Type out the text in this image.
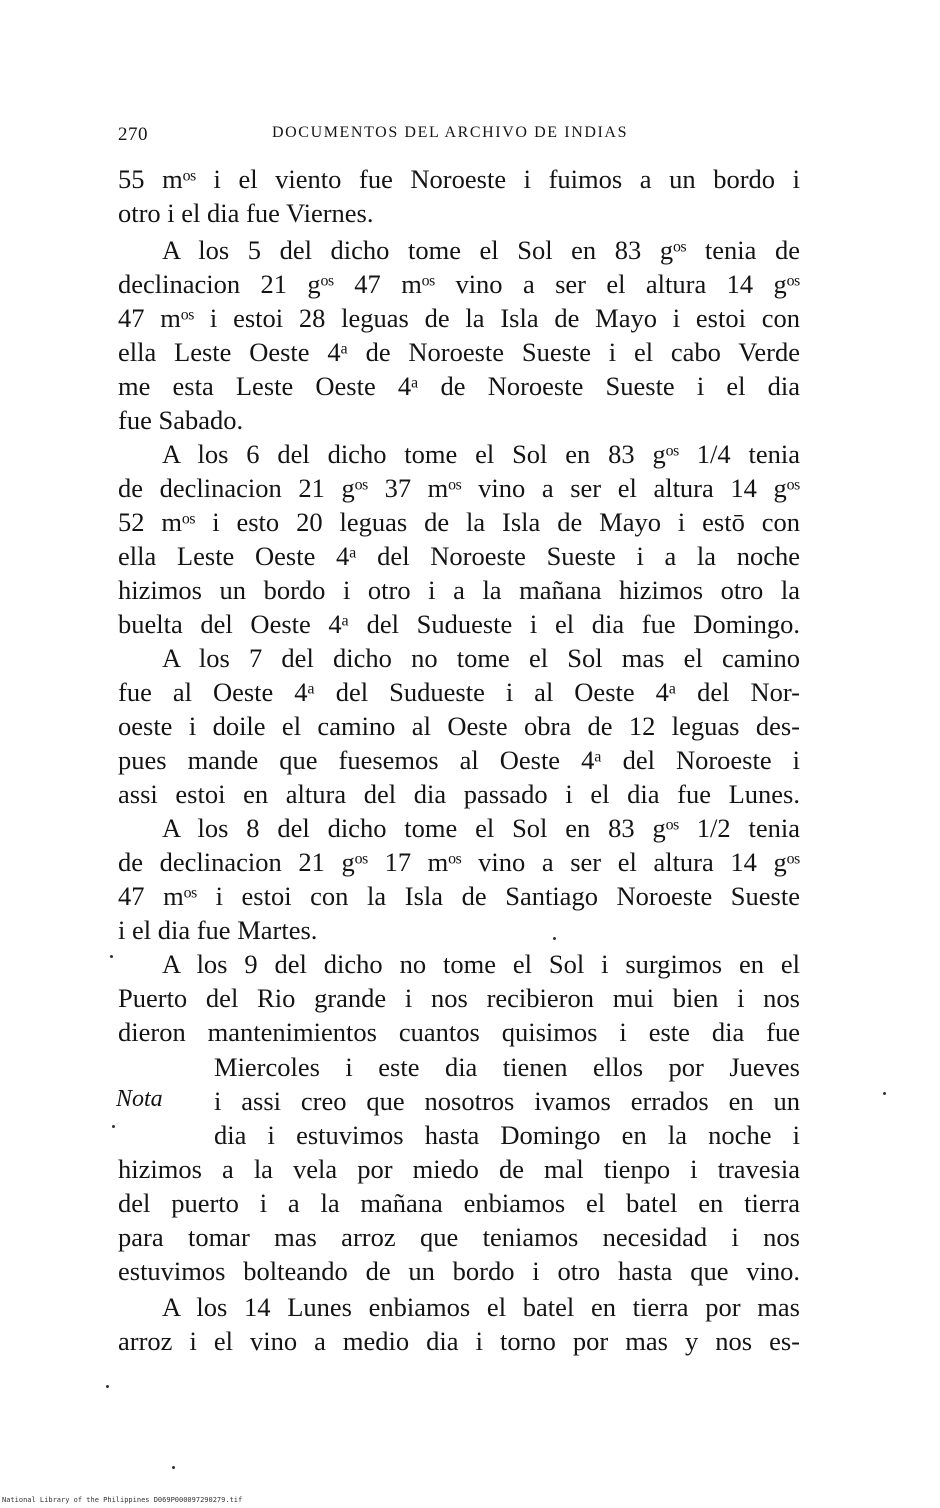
270	DOCUMENTOS DEL ARCHIVO DE INDIAS
55 mᵒˢ i el viento fue Noroeste i fuimos a un bordo i
otro i el dia fue Viernes.
A los 5 del dicho tome el Sol en 83 gᵒˢ tenia de
declinacion 21 gᵒˢ 47 mᵒˢ vino a ser el altura 14 gᵒˢ
47 mᵒˢ i estoi 28 leguas de la Isla de Mayo i estoi con
ella Leste Oeste 4ᵃ de Noroeste Sueste i el cabo Verde
me esta Leste Oeste 4ᵃ de Noroeste Sueste i el dia
fue Sabado.
A los 6 del dicho tome el Sol en 83 gᵒˢ 1/4 tenia
de declinacion 21 gᵒˢ 37 mᵒˢ vino a ser el altura 14 gᵒˢ
52 mᵒˢ i esto 20 leguas de la Isla de Mayo i estō con
ella Leste Oeste 4ᵃ del Noroeste Sueste i a la noche
hizimos un bordo i otro i a la mañana hizimos otro la
buelta del Oeste 4ᵃ del Sudueste i el dia fue Domingo.
A los 7 del dicho no tome el Sol mas el camino
fue al Oeste 4ᵃ del Sudueste i al Oeste 4ᵃ del Nor-
oeste i doile el camino al Oeste obra de 12 leguas des-
pues mande que fuesemos al Oeste 4ᵃ del Noroeste i
assi estoi en altura del dia passado i el dia fue Lunes.
A los 8 del dicho tome el Sol en 83 gᵒˢ 1/2 tenia
de declinacion 21 gᵒˢ 17 mᵒˢ vino a ser el altura 14 gᵒˢ
47 mᵒˢ i estoi con la Isla de Santiago Noroeste Sueste
i el dia fue Martes.
A los 9 del dicho no tome el Sol i surgimos en el
Puerto del Rio grande i nos recibieron mui bien i nos
dieron mantenimientos cuantos quisimos i este dia fue
Miercoles i este dia tienen ellos por Jueves
Nota i assi creo que nosotros ivamos errados en un
dia i estuvimos hasta Domingo en la noche i
hizimos a la vela por miedo de mal tienpo i travesia
del puerto i a la mañana enbiamos el batel en tierra
para tomar mas arroz que teniamos necesidad i nos
estuvimos bolteando de un bordo i otro hasta que vino.
A los 14 Lunes enbiamos el batel en tierra por mas
arroz i el vino a medio dia i torno por mas y nos es-
National Library of the Philippines D069P000097290279.tif
